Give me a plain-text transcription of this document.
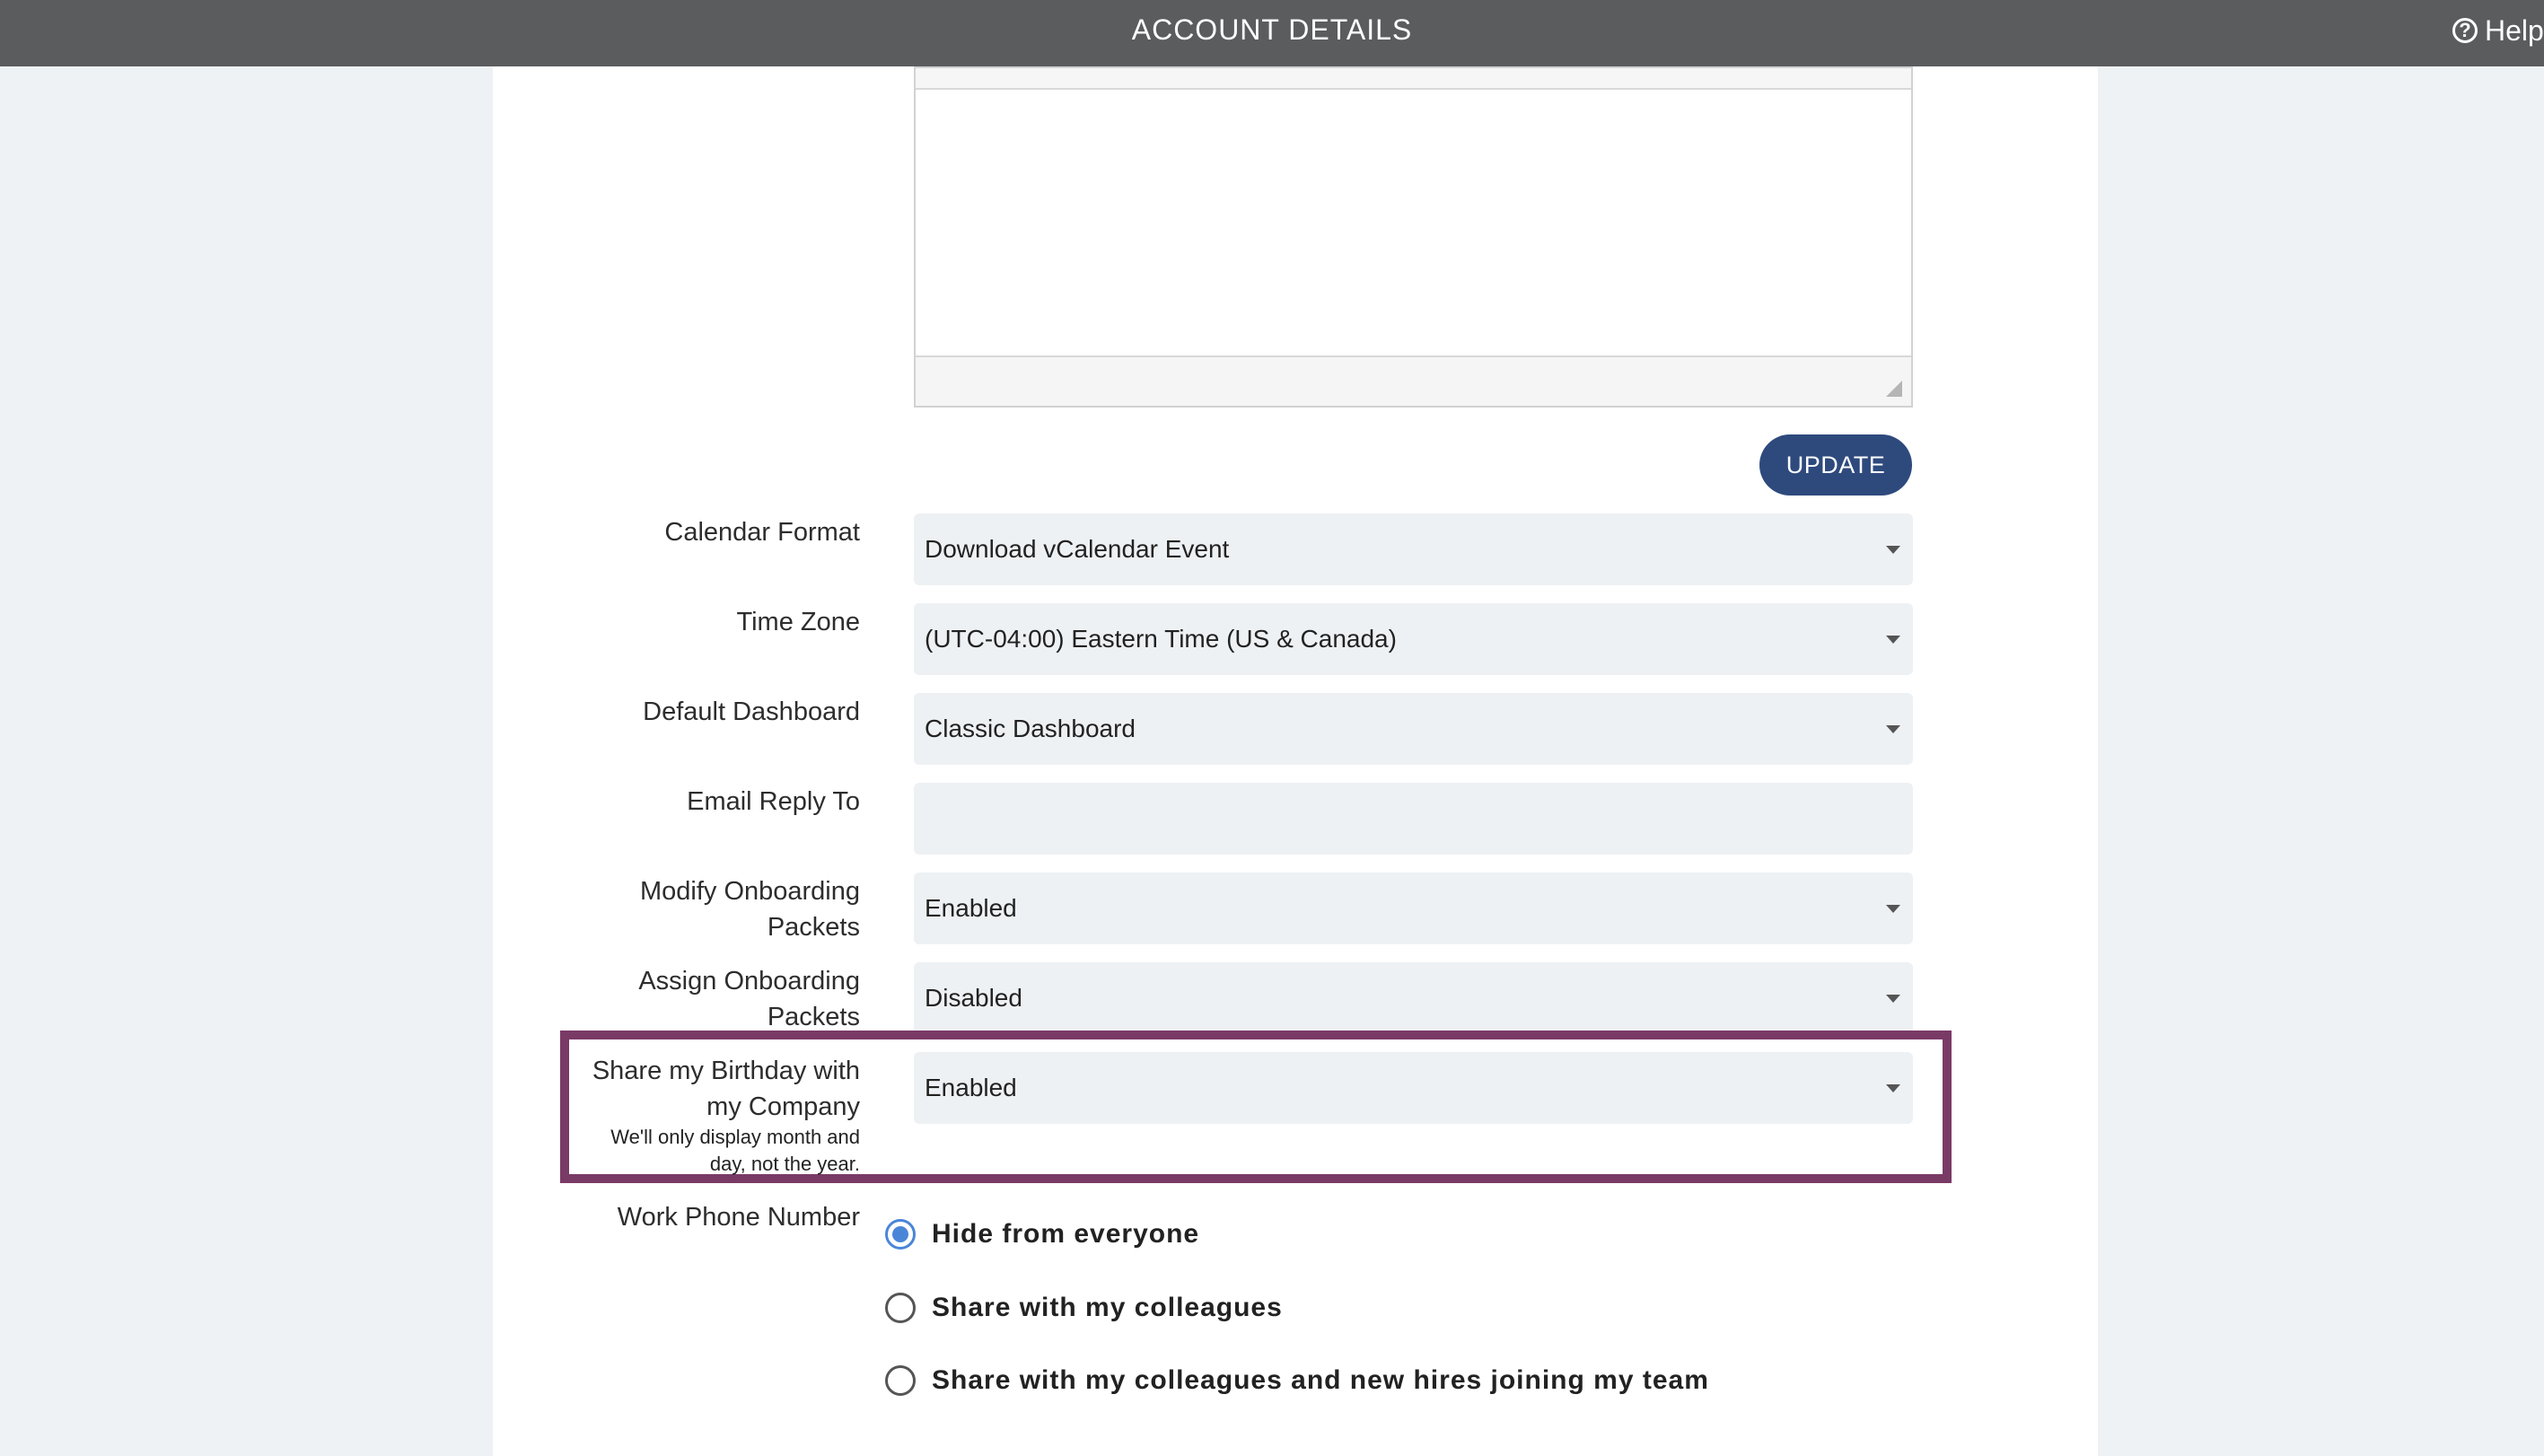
ACCOUNT DETAILS	? Help
UPDATE
Calendar Format
Download vCalendar Event
Time Zone
(UTC-04:00) Eastern Time (US & Canada)
Default Dashboard
Classic Dashboard
Email Reply To
Modify Onboarding
Packets
Enabled
Assign Onboarding
Packets
Disabled
Share my Birthday with
my Company
We'll only display month and
day, not the year.
Enabled
Work Phone Number
Hide from everyone
Share with my colleagues
Share with my colleagues and new hires joining my team
